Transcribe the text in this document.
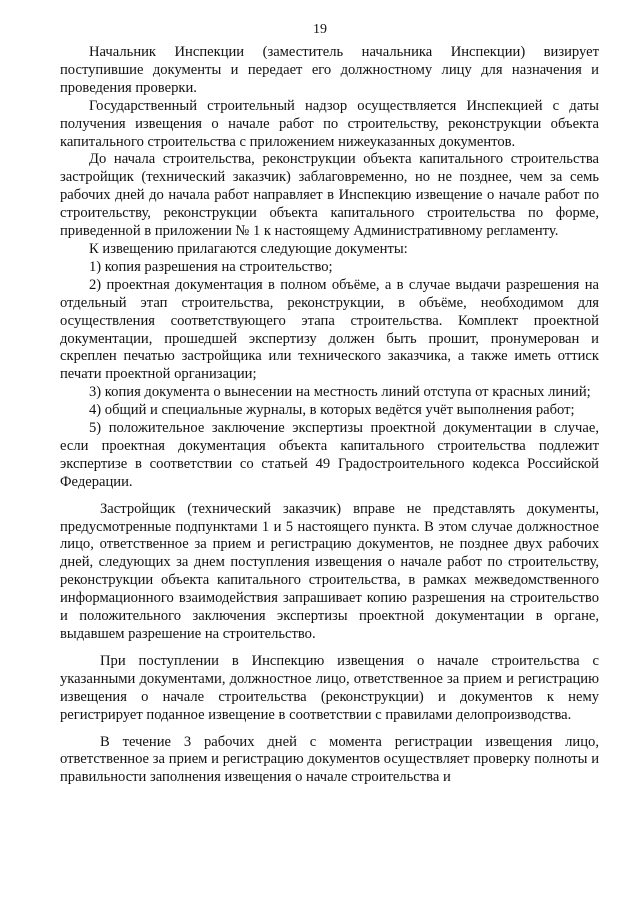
19

Начальник Инспекции (заместитель начальника Инспекции) визирует поступившие документы и передает его должностному лицу для назначения и проведения проверки.

Государственный строительный надзор осуществляется Инспекцией с даты получения извещения о начале работ по строительству, реконструкции объекта капитального строительства с приложением нижеуказанных документов.

До начала строительства, реконструкции объекта капитального строительства застройщик (технический заказчик) заблаговременно, но не позднее, чем за семь рабочих дней до начала работ направляет в Инспекцию извещение о начале работ по строительству, реконструкции объекта капитального строительства по форме, приведенной в приложении № 1 к настоящему Административному регламенту.

К извещению прилагаются следующие документы:

1) копия разрешения на строительство;

2) проектная документация в полном объёме, а в случае выдачи разрешения на отдельный этап строительства, реконструкции, в объёме, необходимом для осуществления соответствующего этапа строительства. Комплект проектной документации, прошедшей экспертизу должен быть прошит, пронумерован и скреплен печатью застройщика или технического заказчика, а также иметь оттиск печати проектной организации;

3) копия документа о вынесении на местность линий отступа от красных линий;

4) общий и специальные журналы, в которых ведётся учёт выполнения работ;

5) положительное заключение экспертизы проектной документации в случае, если проектная документация объекта капитального строительства подлежит экспертизе в соответствии со статьей 49 Градостроительного кодекса Российской Федерации.

Застройщик (технический заказчик) вправе не представлять документы, предусмотренные подпунктами 1 и 5 настоящего пункта. В этом случае должностное лицо, ответственное за прием и регистрацию документов, не позднее двух рабочих дней, следующих за днем поступления извещения о начале работ по строительству, реконструкции объекта капитального строительства, в рамках межведомственного информационного взаимодействия запрашивает копию разрешения на строительство и положительного заключения экспертизы проектной документации в органе, выдавшем разрешение на строительство.

При поступлении в Инспекцию извещения о начале строительства с указанными документами, должностное лицо, ответственное за прием и регистрацию извещения о начале строительства (реконструкции) и документов к нему регистрирует поданное извещение в соответствии с правилами делопроизводства.

В течение 3 рабочих дней с момента регистрации извещения лицо, ответственное за прием и регистрацию документов осуществляет проверку полноты и правильности заполнения извещения о начале строительства и
